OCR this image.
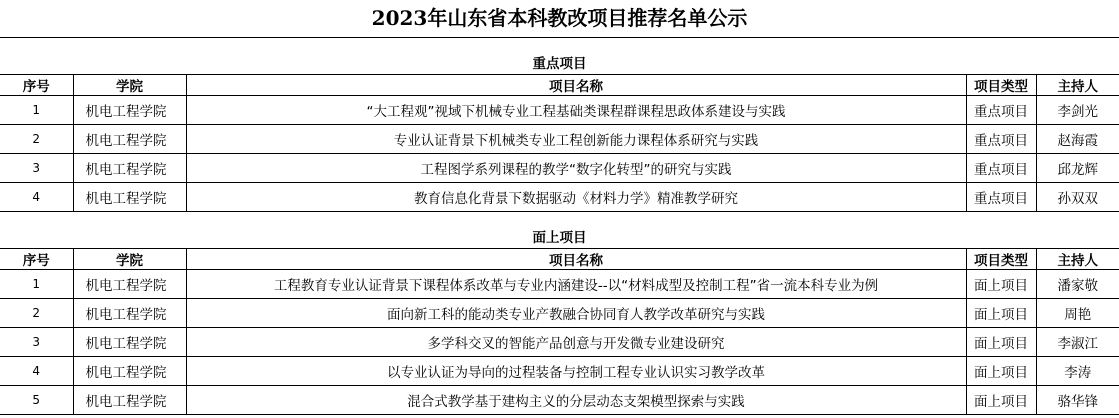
2023年山东省本科教改项目推荐名单公示
重点项目				
序号	学院	项目名称	项目类型	主持人
1	机电工程学院	“大工程观”视域下机械专业工程基础类课程群课程思政体系建设与实践	重点项目	李剑光
2	机电工程学院	专业认证背景下机械类专业工程创新能力课程体系研究与实践	重点项目	赵海霞
3	机电工程学院	工程图学系列课程的教学“数字化转型”的研究与实践	重点项目	邱龙辉
4	机电工程学院	教育信息化背景下数据驱动《材料力学》精准教学研究	重点项目	孙双双
面上项目				
序号	学院	项目名称	项目类型	主持人
1	机电工程学院	工程教育专业认证背景下课程体系改革与专业内涵建设--以“材料成型及控制工程”省一流本科专业为例	面上项目	潘家敬
2	机电工程学院	面向新工科的能动类专业产教融合协同育人教学改革研究与实践	面上项目	周艳
3	机电工程学院	多学科交叉的智能产品创意与开发微专业建设研究	面上项目	李淑江
4	机电工程学院	以专业认证为导向的过程装备与控制工程专业认识实习教学改革	面上项目	李涛
5	机电工程学院	混合式教学基于建构主义的分层动态支架模型探索与实践	面上项目	骆华锋
